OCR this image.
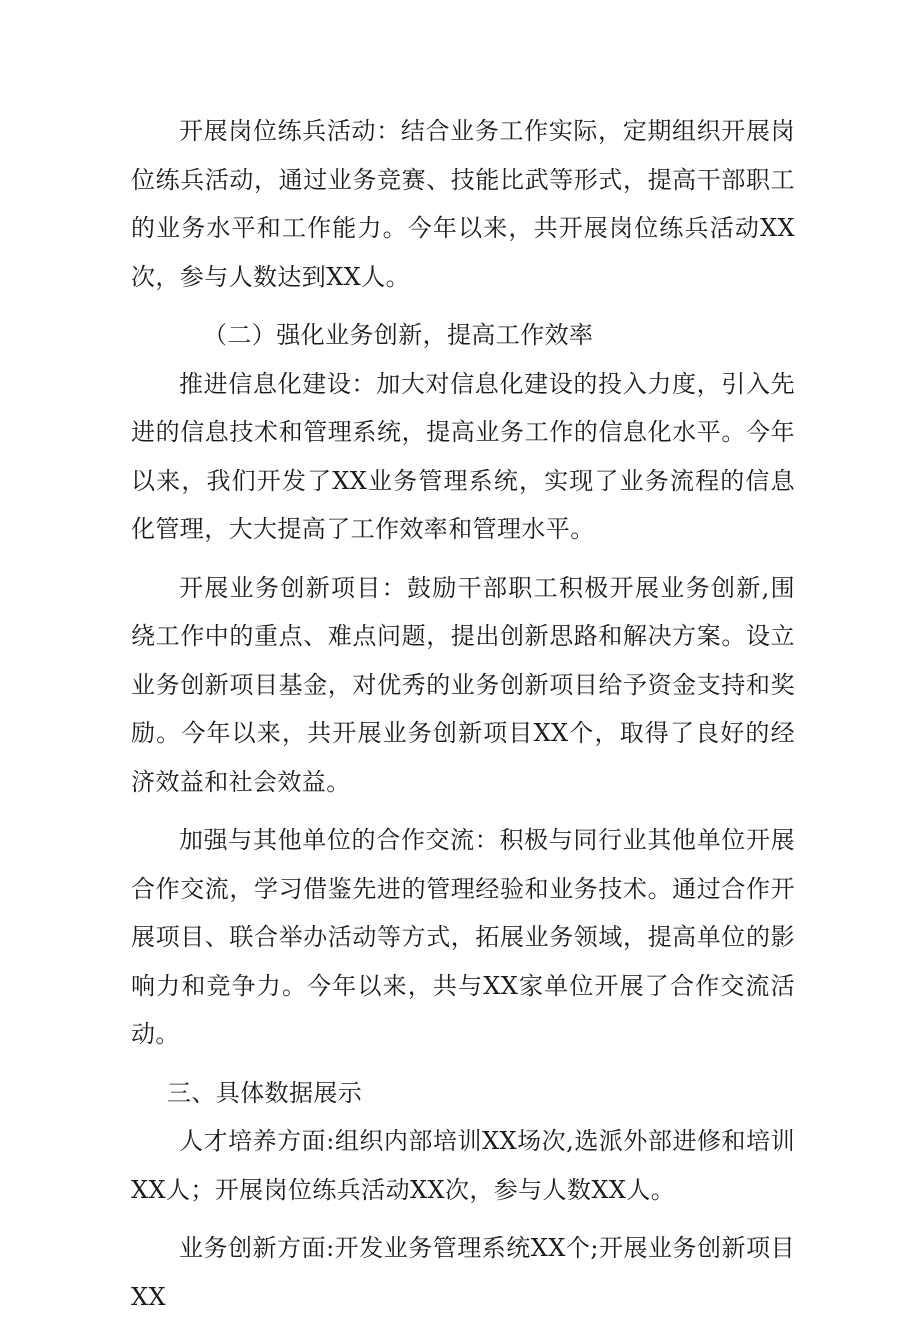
开展岗位练兵活动：结合业务工作实际，定期组织开展岗位练兵活动，通过业务竞赛、技能比武等形式，提高干部职工的业务水平和工作能力。今年以来，共开展岗位练兵活动XX次，参与人数达到XX人。

（二）强化业务创新，提高工作效率

推进信息化建设：加大对信息化建设的投入力度，引入先进的信息技术和管理系统，提高业务工作的信息化水平。今年以来，我们开发了XX业务管理系统，实现了业务流程的信息化管理，大大提高了工作效率和管理水平。

开展业务创新项目：鼓励干部职工积极开展业务创新,围绕工作中的重点、难点问题，提出创新思路和解决方案。设立业务创新项目基金，对优秀的业务创新项目给予资金支持和奖励。今年以来，共开展业务创新项目XX个，取得了良好的经济效益和社会效益。

加强与其他单位的合作交流：积极与同行业其他单位开展合作交流，学习借鉴先进的管理经验和业务技术。通过合作开展项目、联合举办活动等方式，拓展业务领域，提高单位的影响力和竞争力。今年以来，共与XX家单位开展了合作交流活动。

三、具体数据展示

人才培养方面:组织内部培训XX场次,选派外部进修和培训XX人；开展岗位练兵活动XX次，参与人数XX人。

业务创新方面:开发业务管理系统XX个;开展业务创新项目XX
